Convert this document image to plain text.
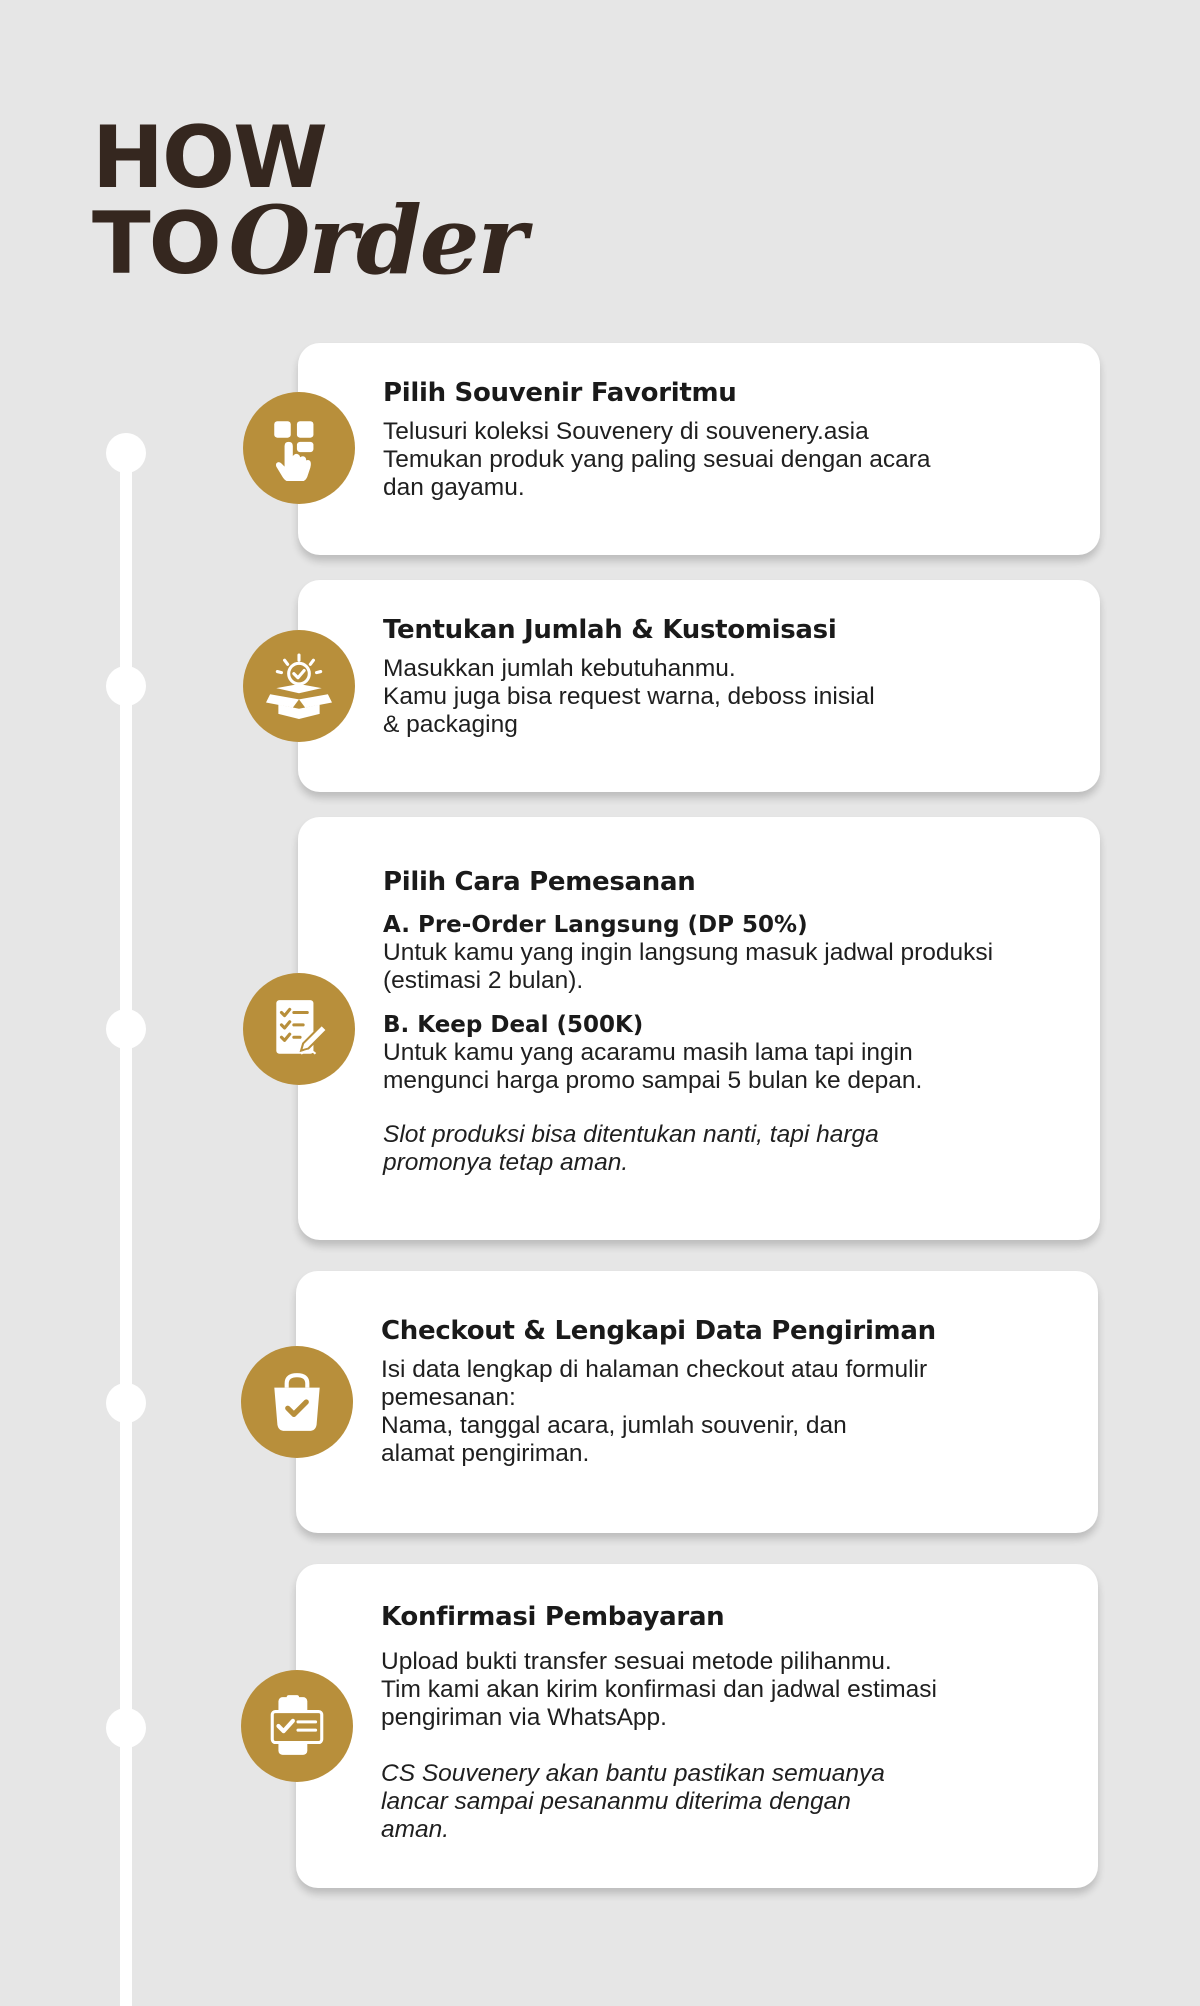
HOW
TO Order
Pilih Souvenir Favoritmu

Telusuri koleksi Souvenery di souvenery.asia
Temukan produk yang paling sesuai dengan acara
dan gayamu.

Tentukan Jumlah & Kustomisasi

Masukkan jumlah kebutuhanmu.
Kamu juga bisa request warna, deboss inisial
& packaging

Pilih Cara Pemesanan

A. Pre-Order Langsung (DP 50%)

Untuk kamu yang ingin langsung masuk jadwal produksi
(estimasi 2 bulan).

B. Keep Deal (500K)

Untuk kamu yang acaramu masih lama tapi ingin
mengunci harga promo sampai 5 bulan ke depan.

Slot produksi bisa ditentukan nanti, tapi harga
promonya tetap aman.

Checkout & Lengkapi Data Pengiriman

Isi data lengkap di halaman checkout atau formulir
pemesanan:
Nama, tanggal acara, jumlah souvenir, dan
alamat pengiriman.

Konfirmasi Pembayaran

Upload bukti transfer sesuai metode pilihanmu.
Tim kami akan kirim konfirmasi dan jadwal estimasi
pengiriman via WhatsApp.

CS Souvenery akan bantu pastikan semuanya
lancar sampai pesananmu diterima dengan
aman.
